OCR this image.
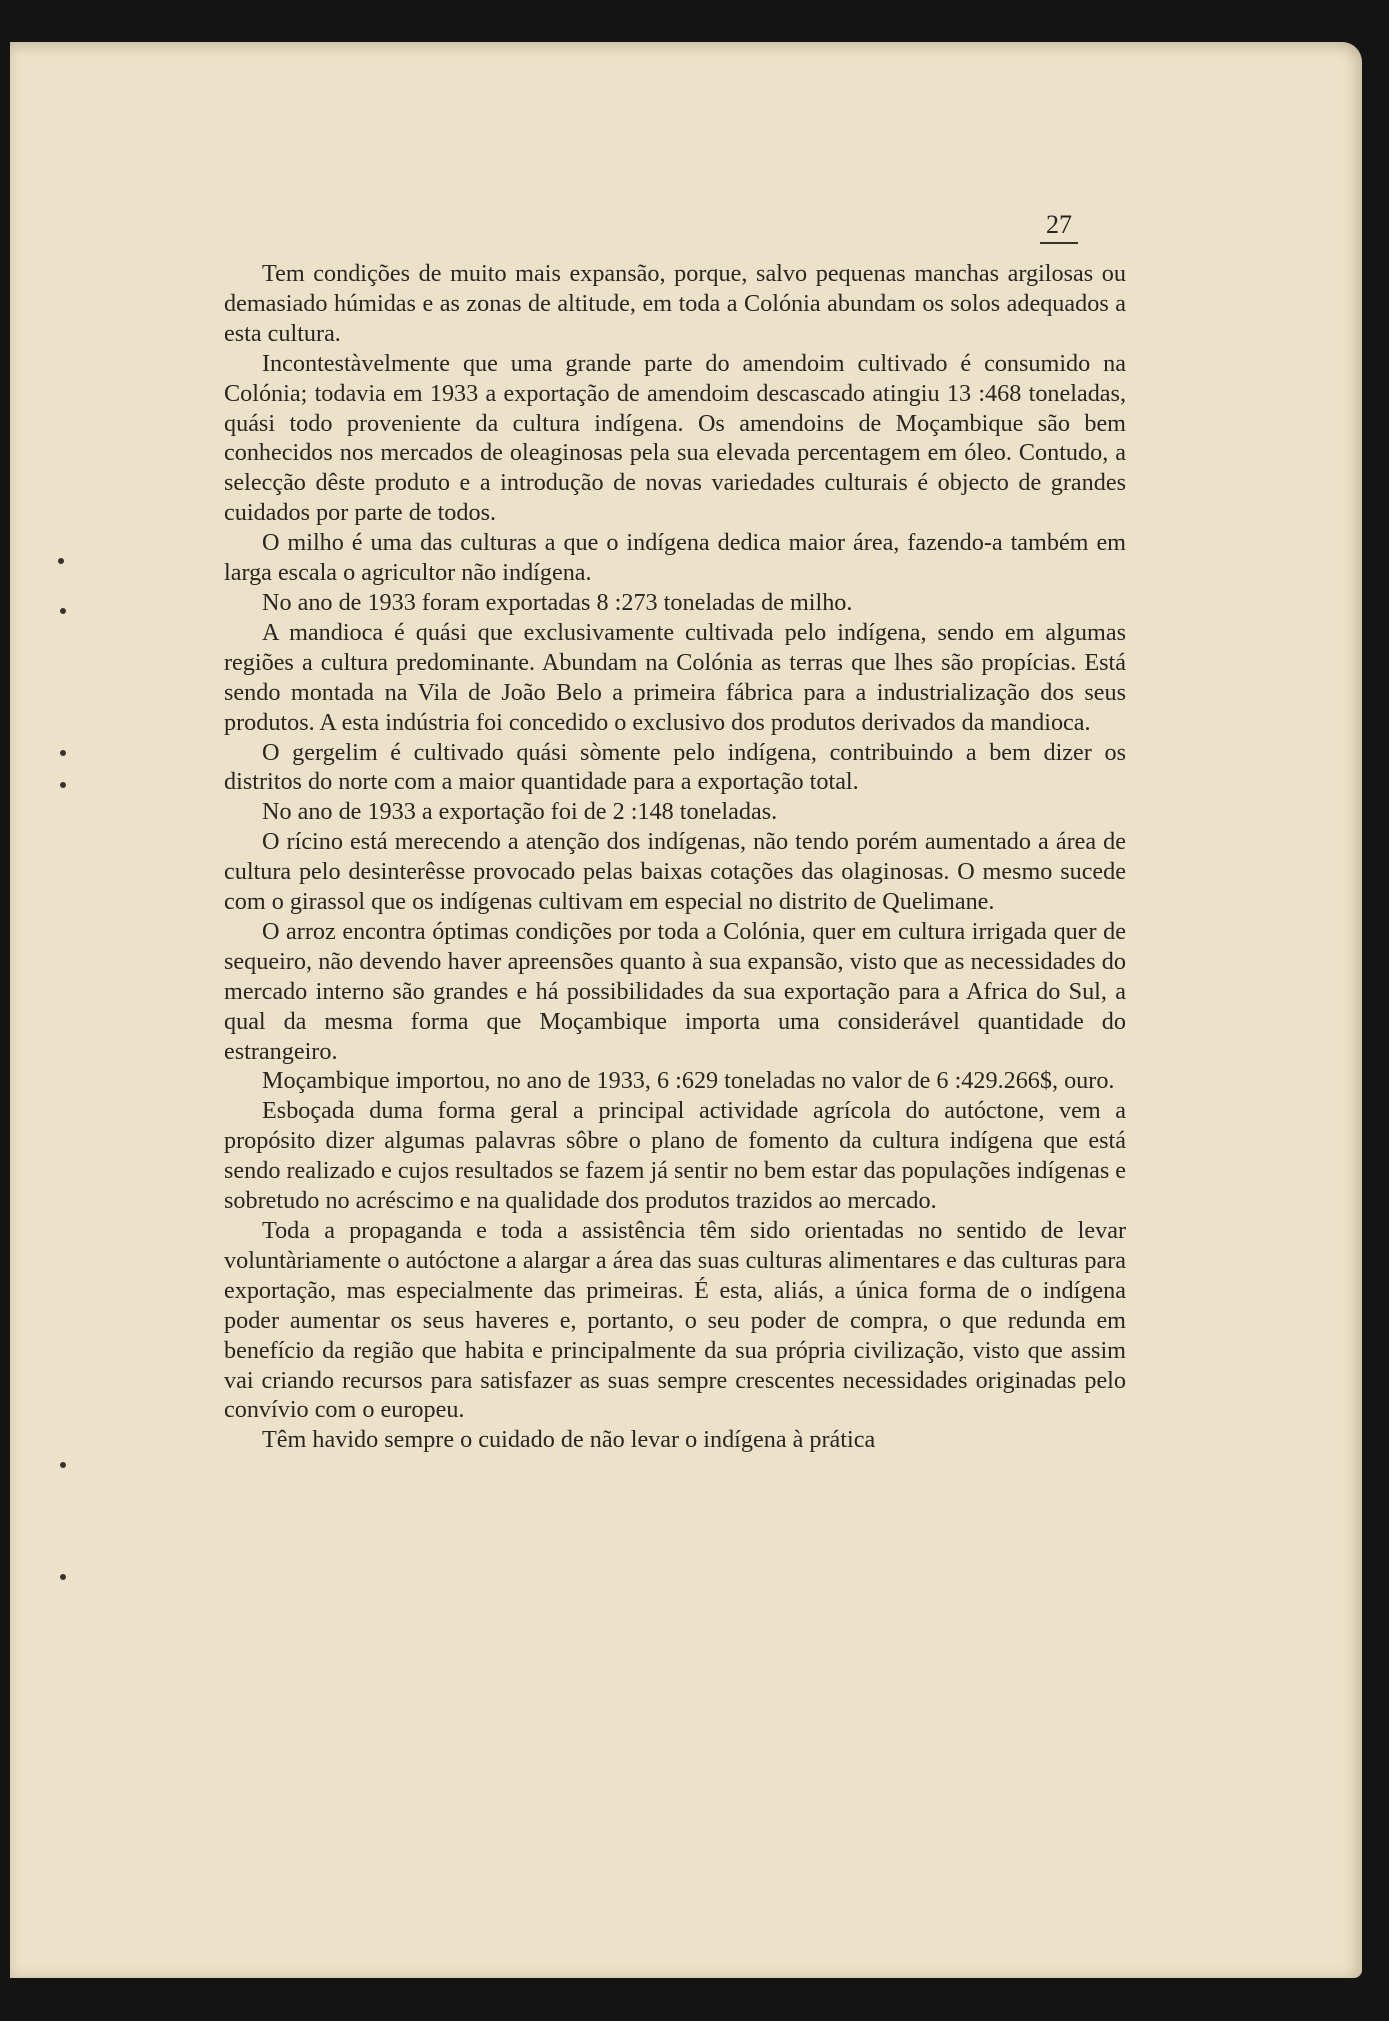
27

Tem condições de muito mais expansão, porque, salvo pequenas manchas argilosas ou demasiado húmidas e as zonas de altitude, em toda a Colónia abundam os solos adequados a esta cultura.

Incontestàvelmente que uma grande parte do amendoim cultivado é consumido na Colónia; todavia em 1933 a exportação de amendoim descascado atingiu 13 :468 toneladas, quási todo proveniente da cultura indígena. Os amendoins de Moçambique são bem conhecidos nos mercados de oleaginosas pela sua elevada percentagem em óleo. Contudo, a selecção dêste produto e a introdução de novas variedades culturais é objecto de grandes cuidados por parte de todos.

O milho é uma das culturas a que o indígena dedica maior área, fazendo-a também em larga escala o agricultor não indígena.

No ano de 1933 foram exportadas 8 :273 toneladas de milho.

A mandioca é quási que exclusivamente cultivada pelo indígena, sendo em algumas regiões a cultura predominante. Abundam na Colónia as terras que lhes são propícias. Está sendo montada na Vila de João Belo a primeira fábrica para a industrialização dos seus produtos. A esta indústria foi concedido o exclusivo dos produtos derivados da mandioca.

O gergelim é cultivado quási sòmente pelo indígena, contribuindo a bem dizer os distritos do norte com a maior quantidade para a exportação total.

No ano de 1933 a exportação foi de 2 :148 toneladas.

O rícino está merecendo a atenção dos indígenas, não tendo porém aumentado a área de cultura pelo desinterêsse provocado pelas baixas cotações das olaginosas. O mesmo sucede com o girassol que os indígenas cultivam em especial no distrito de Quelimane.

O arroz encontra óptimas condições por toda a Colónia, quer em cultura irrigada quer de sequeiro, não devendo haver apreensões quanto à sua expansão, visto que as necessidades do mercado interno são grandes e há possibilidades da sua exportação para a Africa do Sul, a qual da mesma forma que Moçambique importa uma considerável quantidade do estrangeiro.

Moçambique importou, no ano de 1933, 6 :629 toneladas no valor de 6 :429.266$, ouro.

Esboçada duma forma geral a principal actividade agrícola do autóctone, vem a propósito dizer algumas palavras sôbre o plano de fomento da cultura indígena que está sendo realizado e cujos resultados se fazem já sentir no bem estar das populações indígenas e sobretudo no acréscimo e na qualidade dos produtos trazidos ao mercado.

Toda a propaganda e toda a assistência têm sido orientadas no sentido de levar voluntàriamente o autóctone a alargar a área das suas culturas alimentares e das culturas para exportação, mas especialmente das primeiras. É esta, aliás, a única forma de o indígena poder aumentar os seus haveres e, portanto, o seu poder de compra, o que redunda em benefício da região que habita e principalmente da sua própria civilização, visto que assim vai criando recursos para satisfazer as suas sempre crescentes necessidades originadas pelo convívio com o europeu.

Têm havido sempre o cuidado de não levar o indígena à prática
